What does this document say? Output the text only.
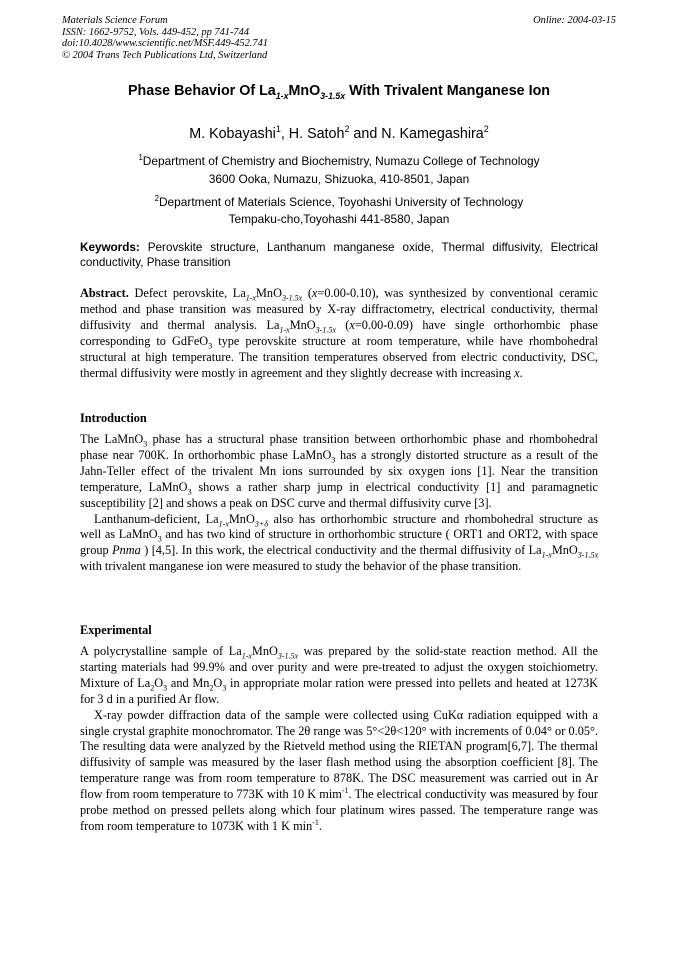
Materials Science Forum
ISSN: 1662-9752, Vols. 449-452, pp 741-744
doi:10.4028/www.scientific.net/MSF.449-452.741
© 2004 Trans Tech Publications Ltd, Switzerland
Online: 2004-03-15
Phase Behavior Of $La_{1-x}MnO_{3-1.5x}$ With Trivalent Manganese Ion
M. Kobayashi$^1$, H. Satoh$^2$ and N. Kamegashira$^2$
$^1$Department of Chemistry and Biochemistry, Numazu College of Technology
3600 Ooka, Numazu, Shizuoka, 410-8501, Japan
$^2$Department of Materials Science, Toyohashi University of Technology
Tempaku-cho,Toyohashi 441-8580, Japan
Keywords: Perovskite structure, Lanthanum manganese oxide, Thermal diffusivity, Electrical conductivity, Phase transition

Abstract. Defect perovskite, $La_{1-x}MnO_{3-1.5x}$ (x=0.00-0.10), was synthesized by conventional ceramic method and phase transition was measured by X-ray diffractometry, electrical conductivity, thermal diffusivity and thermal analysis. $La_{1-x}MnO_{3-1.5x}$ (x=0.00-0.09) have single orthorhombic phase corresponding to GdFeO$_3$ type perovskite structure at room temperature, while have rhombohedral structural at high temperature. The transition temperatures observed from electric conductivity, DSC, thermal diffusivity were mostly in agreement and they slightly decrease with increasing x.

Introduction

The LaMnO$_3$ phase has a structural phase transition between orthorhombic phase and rhombohedral phase near 700K. In orthorhombic phase LaMnO$_3$ has a strongly distorted structure as a result of the Jahn-Teller effect of the trivalent Mn ions surrounded by six oxygen ions [1]. Near the transition temperature, LaMnO$_3$ shows a rather sharp jump in electrical conductivity [1] and paramagnetic susceptibility [2] and shows a peak on DSC curve and thermal diffusivity curve [3].

Lanthanum-deficient, $La_{1-x}MnO_{3+\delta}$ also has orthorhombic structure and rhombohedral structure as well as LaMnO$_3$ and has two kind of structure in orthorhombic structure ( ORT1 and ORT2, with space group Pnma ) [4,5]. In this work, the electrical conductivity and the thermal diffusivity of $La_{1-x}MnO_{3-1.5x}$ with trivalent manganese ion were measured to study the behavior of the phase transition.

Experimental

A polycrystalline sample of $La_{1-x}MnO_{3-1.5x}$ was prepared by the solid-state reaction method. All the starting materials had 99.9% and over purity and were pre-treated to adjust the oxygen stoichiometry. Mixture of $La_2O_3$ and $Mn_2O_3$ in appropriate molar ration were pressed into pellets and heated at 1273K for 3 d in a purified Ar flow.

X-ray powder diffraction data of the sample were collected using CuKα radiation equipped with a single crystal graphite monochromator. The 2θ range was 5°<2θ<120° with increments of 0.04° or 0.05°. The resulting data were analyzed by the Rietveld method using the RIETAN program[6,7]. The thermal diffusivity of sample was measured by the laser flash method using the absorption coefficient [8]. The temperature range was from room temperature to 878K. The DSC measurement was carried out in Ar flow from room temperature to 773K with 10 K mim$^{-1}$. The electrical conductivity was measured by four probe method on pressed pellets along which four platinum wires passed. The temperature range was from room temperature to 1073K with 1 K $\min^{-1}$.
